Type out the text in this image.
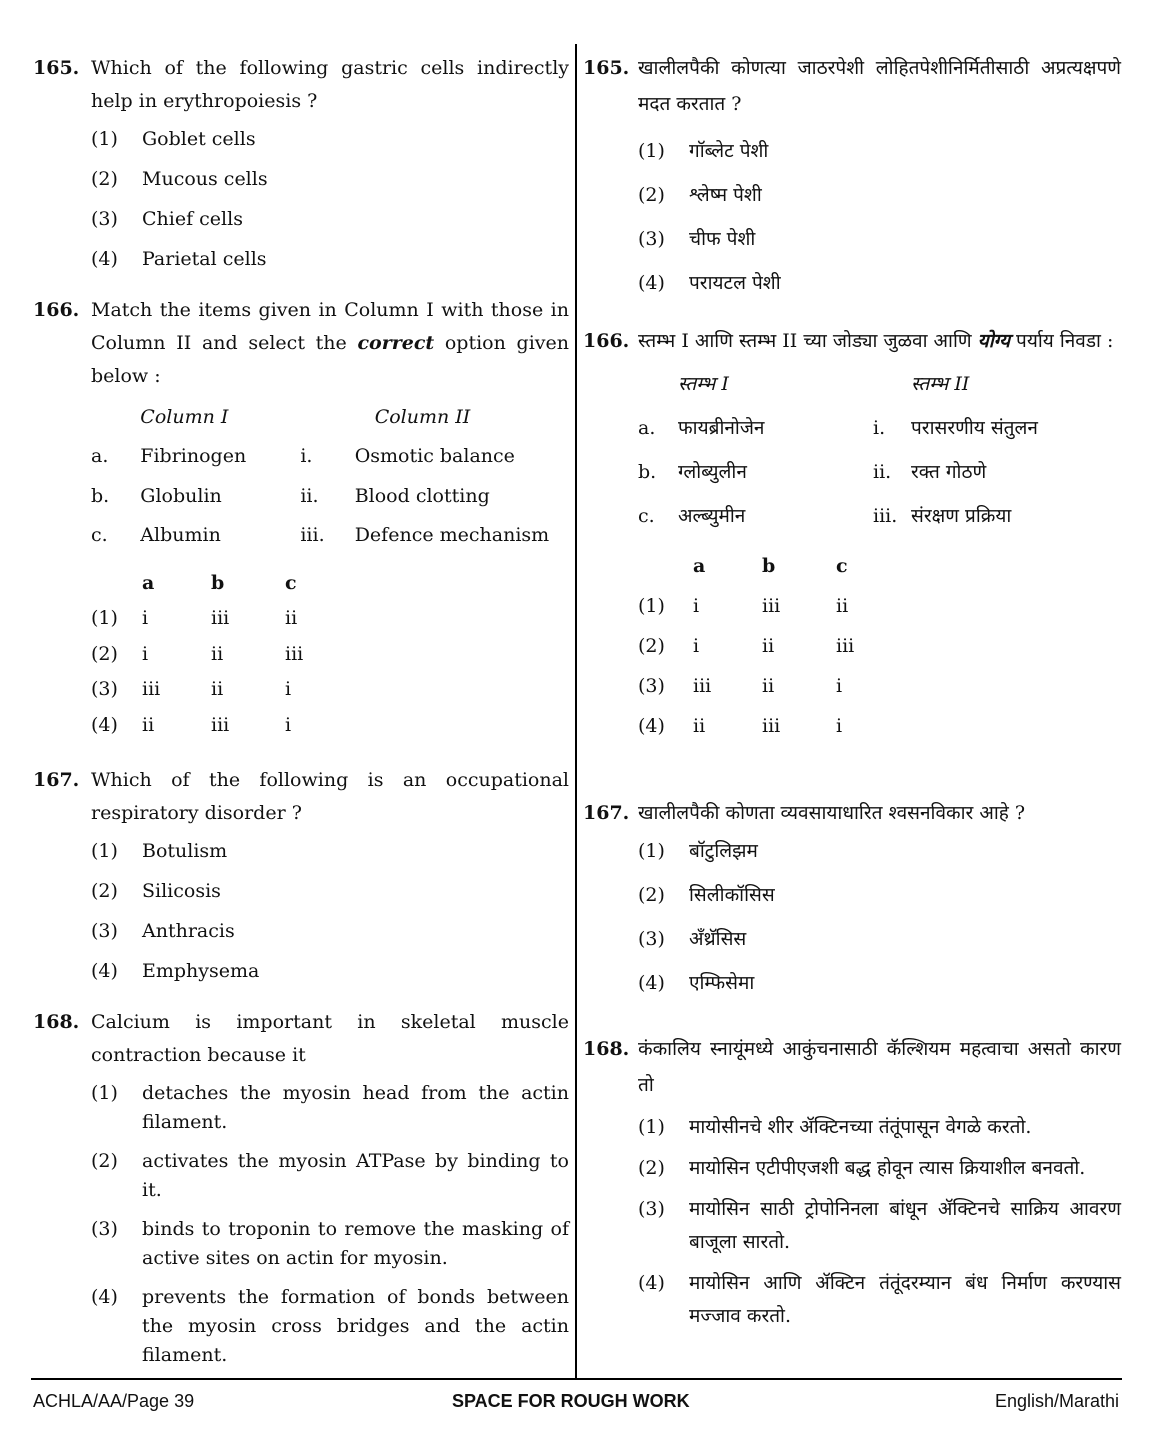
165. Which of the following gastric cells indirectly help in erythropoiesis ?
(1)	Goblet cells
(2)	Mucous cells
(3)	Chief cells
(4)	Parietal cells
166. Match the items given in Column I with those in Column II and select the correct option given below :
	Column I		Column II
a.	Fibrinogen	i.	Osmotic balance
b.	Globulin	ii.	Blood clotting
c.	Albumin	iii.	Defence mechanism
	a	b	c
(1)	i	iii	ii
(2)	i	ii	iii
(3)	iii	ii	i
(4)	ii	iii	i
167. Which of the following is an occupational respiratory disorder ?
(1)	Botulism
(2)	Silicosis
(3)	Anthracis
(4)	Emphysema
168. Calcium is important in skeletal muscle contraction because it
(1)	detaches the myosin head from the actin filament.
(2)	activates the myosin ATPase by binding to it.
(3)	binds to troponin to remove the masking of active sites on actin for myosin.
(4)	prevents the formation of bonds between the myosin cross bridges and the actin filament.
165. खालीलपैकी कोणत्या जाठरपेशी लोहितपेशीनिर्मितीसाठी अप्रत्यक्षपणे मदत करतात ?
(1)	गॉब्लेट पेशी
(2)	श्लेष्म पेशी
(3)	चीफ पेशी
(4)	परायटल पेशी
166. स्तम्भ I आणि स्तम्भ II च्या जोड्या जुळवा आणि योग्य पर्याय निवडा :
	स्तम्भ I		स्तम्भ II
a.	फायब्रीनोजेन	i.	परासरणीय संतुलन
b.	ग्लोब्युलीन	ii.	रक्त गोठणे
c.	अल्ब्युमीन	iii.	संरक्षण प्रक्रिया
	a	b	c
(1)	i	iii	ii
(2)	i	ii	iii
(3)	iii	ii	i
(4)	ii	iii	i
167. खालीलपैकी कोणता व्यवसायाधारित श्वसनविकार आहे ?
(1)	बॉटुलिझम
(2)	सिलीकॉसिस
(3)	अँथ्रॅसिस
(4)	एम्फिसेमा
168. कंकालिय स्नायूंमध्ये आकुंचनासाठी कॅल्शियम महत्वाचा असतो कारण तो
(1)	मायोसीनचे शीर ॲक्टिनच्या तंतूंपासून वेगळे करतो.
(2)	मायोसिन एटीपीएजशी बद्ध होवून त्यास क्रियाशील बनवतो.
(3)	मायोसिन साठी ट्रोपोनिनला बांधून ॲक्टिनचे साक्रिय आवरण बाजूला सारतो.
(4)	मायोसिन आणि ॲक्टिन तंतूंदरम्यान बंध निर्माण करण्यास मज्जाव करतो.
ACHLA/AA/Page 39	SPACE FOR ROUGH WORK	English/Marathi
